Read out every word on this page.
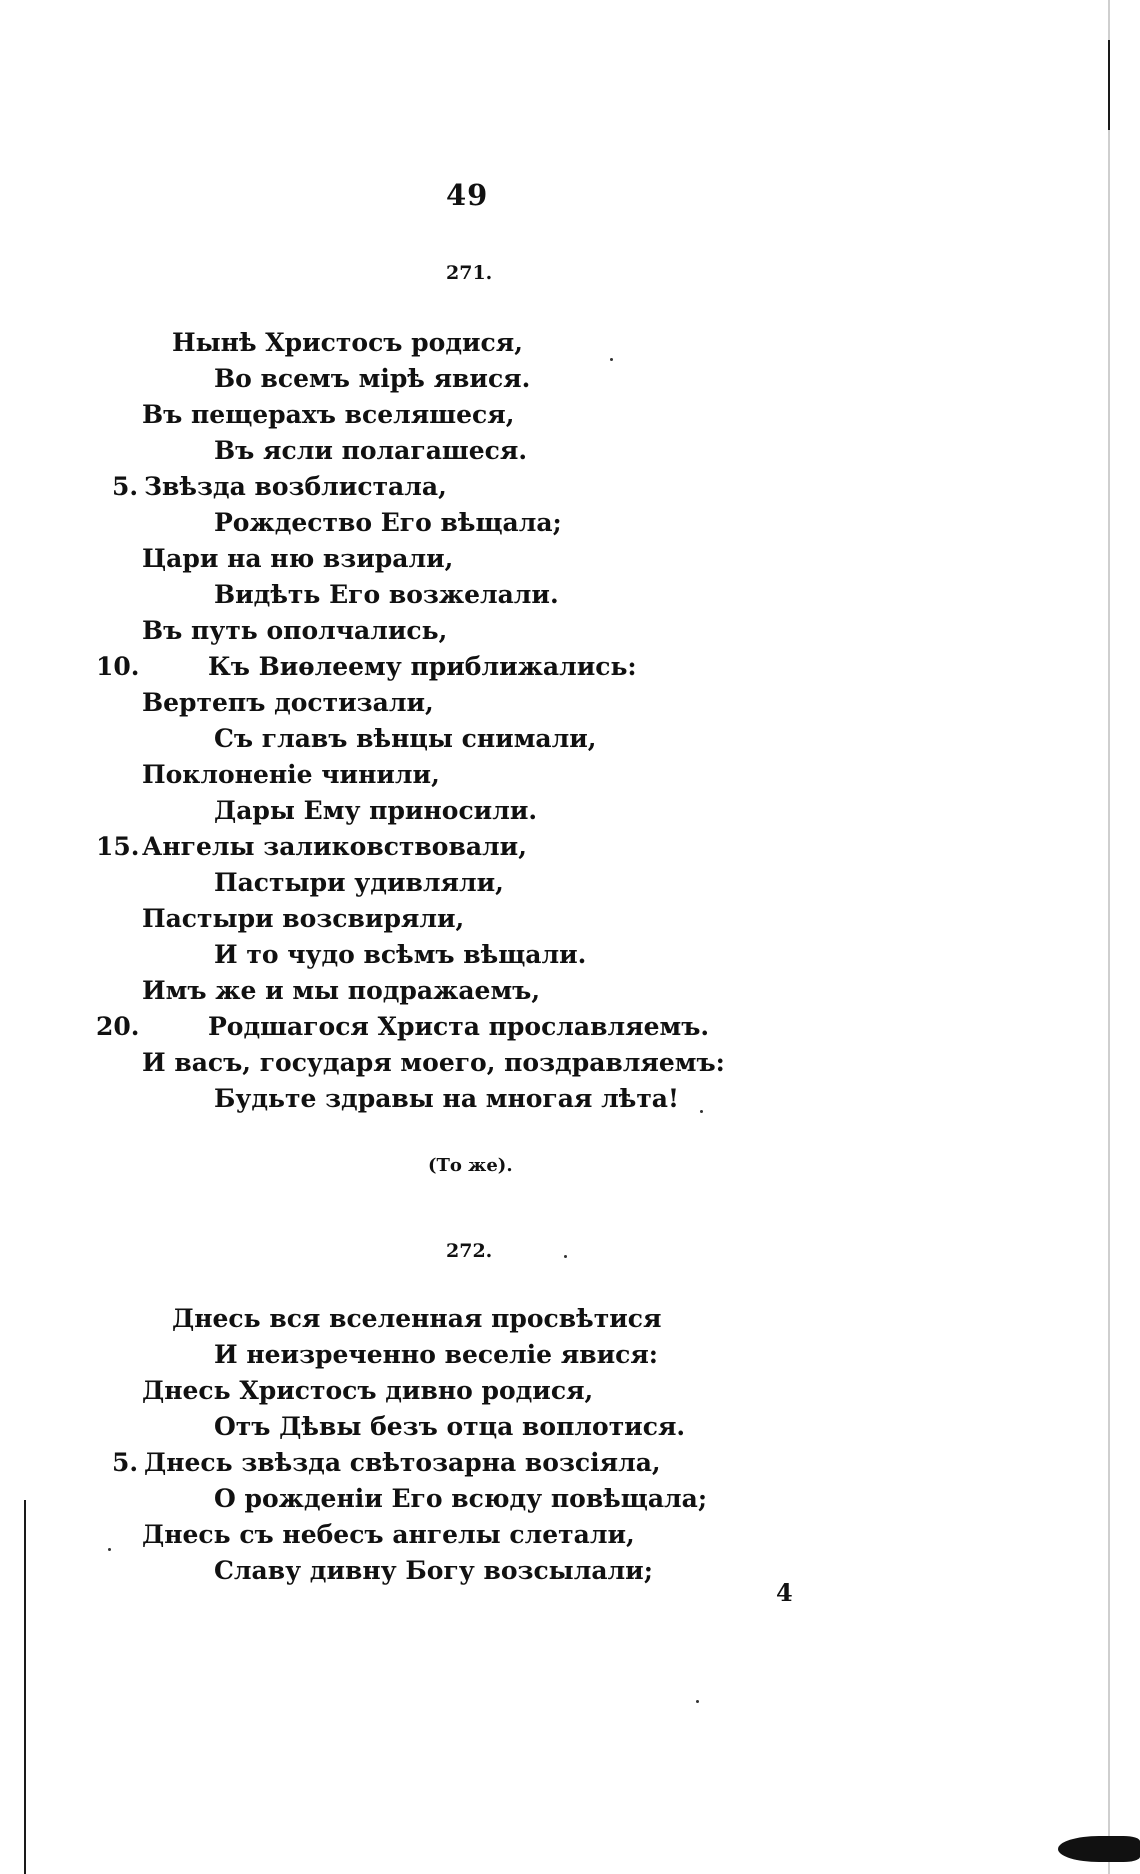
49
271.
Нынѣ Христосъ родися,
Во всемъ мірѣ явися.
Въ пещерахъ вселяшеся,
Въ ясли полагашеся.
5. Звѣзда возблистала,
Рождество Его вѣщала;
Цари на ню взирали,
Видѣть Его возжелали.
Въ путь ополчались,
10.	Къ Виѳлеему приближались:
Вертепъ достизали,
Съ главъ вѣнцы снимали,
Поклоненіе чинили,
Дары Ему приносили.
15. Ангелы заликовствовали,
Пастыри удивляли,
Пастыри возсвиряли,
И то чудо всѣмъ вѣщали.
Имъ же и мы подражаемъ,
20.	Родшагося Христа прославляемъ.
И васъ, государя моего, поздравляемъ:
Будьте здравы на многая лѣта!
(То же).
272.
Днесь вся вселенная просвѣтися
И неизреченно веселіе явися:
Днесь Христосъ дивно родися,
Отъ Дѣвы безъ отца воплотися.
5. Днесь звѣзда свѣтозарна возсіяла,
О рожденіи Его всюду повѣщала;
Днесь съ небесъ ангелы слетали,
Славу дивну Богу возсылали;
4
